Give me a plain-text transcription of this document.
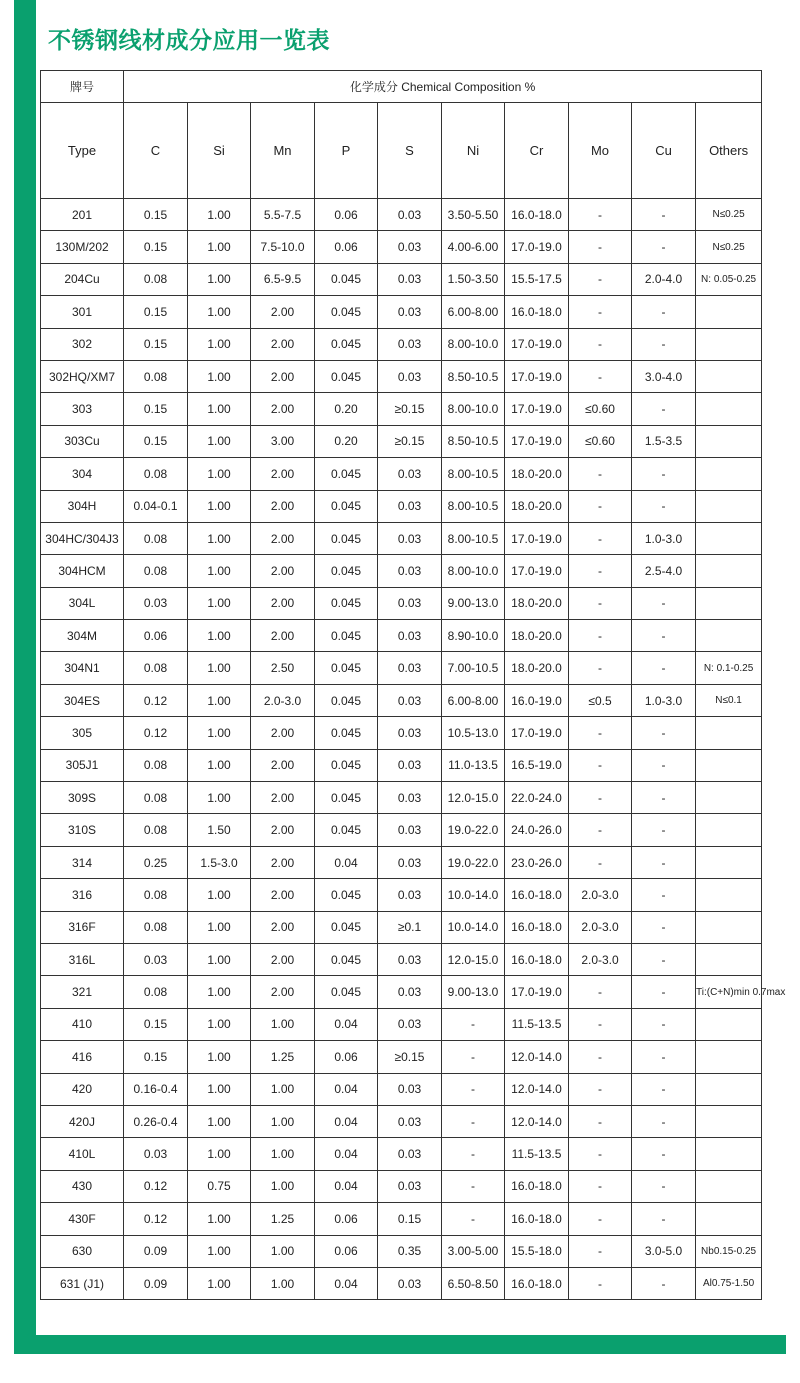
不锈钢线材成分应用一览表
牌号	化学成分 Chemical Composition %									
Type	C	Si	Mn	P	S	Ni	Cr	Mo	Cu	Others
201	0.15	1.00	5.5-7.5	0.06	0.03	3.50-5.50	16.0-18.0	-	-	N≤0.25
130M/202	0.15	1.00	7.5-10.0	0.06	0.03	4.00-6.00	17.0-19.0	-	-	N≤0.25
204Cu	0.08	1.00	6.5-9.5	0.045	0.03	1.50-3.50	15.5-17.5	-	2.0-4.0	N: 0.05-0.25
301	0.15	1.00	2.00	0.045	0.03	6.00-8.00	16.0-18.0	-	-	
302	0.15	1.00	2.00	0.045	0.03	8.00-10.0	17.0-19.0	-	-	
302HQ/XM7	0.08	1.00	2.00	0.045	0.03	8.50-10.5	17.0-19.0	-	3.0-4.0	
303	0.15	1.00	2.00	0.20	≥0.15	8.00-10.0	17.0-19.0	≤0.60	-	
303Cu	0.15	1.00	3.00	0.20	≥0.15	8.50-10.5	17.0-19.0	≤0.60	1.5-3.5	
304	0.08	1.00	2.00	0.045	0.03	8.00-10.5	18.0-20.0	-	-	
304H	0.04-0.1	1.00	2.00	0.045	0.03	8.00-10.5	18.0-20.0	-	-	
304HC/304J3	0.08	1.00	2.00	0.045	0.03	8.00-10.5	17.0-19.0	-	1.0-3.0	
304HCM	0.08	1.00	2.00	0.045	0.03	8.00-10.0	17.0-19.0	-	2.5-4.0	
304L	0.03	1.00	2.00	0.045	0.03	9.00-13.0	18.0-20.0	-	-	
304M	0.06	1.00	2.00	0.045	0.03	8.90-10.0	18.0-20.0	-	-	
304N1	0.08	1.00	2.50	0.045	0.03	7.00-10.5	18.0-20.0	-	-	N: 0.1-0.25
304ES	0.12	1.00	2.0-3.0	0.045	0.03	6.00-8.00	16.0-19.0	≤0.5	1.0-3.0	N≤0.1
305	0.12	1.00	2.00	0.045	0.03	10.5-13.0	17.0-19.0	-	-	
305J1	0.08	1.00	2.00	0.045	0.03	11.0-13.5	16.5-19.0	-	-	
309S	0.08	1.00	2.00	0.045	0.03	12.0-15.0	22.0-24.0	-	-	
310S	0.08	1.50	2.00	0.045	0.03	19.0-22.0	24.0-26.0	-	-	
314	0.25	1.5-3.0	2.00	0.04	0.03	19.0-22.0	23.0-26.0	-	-	
316	0.08	1.00	2.00	0.045	0.03	10.0-14.0	16.0-18.0	2.0-3.0	-	
316F	0.08	1.00	2.00	0.045	≥0.1	10.0-14.0	16.0-18.0	2.0-3.0	-	
316L	0.03	1.00	2.00	0.045	0.03	12.0-15.0	16.0-18.0	2.0-3.0	-	
321	0.08	1.00	2.00	0.045	0.03	9.00-13.0	17.0-19.0	-	-	Ti:(C+N)min 0.7max
410	0.15	1.00	1.00	0.04	0.03	-	11.5-13.5	-	-	
416	0.15	1.00	1.25	0.06	≥0.15	-	12.0-14.0	-	-	
420	0.16-0.4	1.00	1.00	0.04	0.03	-	12.0-14.0	-	-	
420J	0.26-0.4	1.00	1.00	0.04	0.03	-	12.0-14.0	-	-	
410L	0.03	1.00	1.00	0.04	0.03	-	11.5-13.5	-	-	
430	0.12	0.75	1.00	0.04	0.03	-	16.0-18.0	-	-	
430F	0.12	1.00	1.25	0.06	0.15	-	16.0-18.0	-	-	
630	0.09	1.00	1.00	0.06	0.35	3.00-5.00	15.5-18.0	-	3.0-5.0	Nb0.15-0.25
631 (J1)	0.09	1.00	1.00	0.04	0.03	6.50-8.50	16.0-18.0	-	-	Al0.75-1.50
